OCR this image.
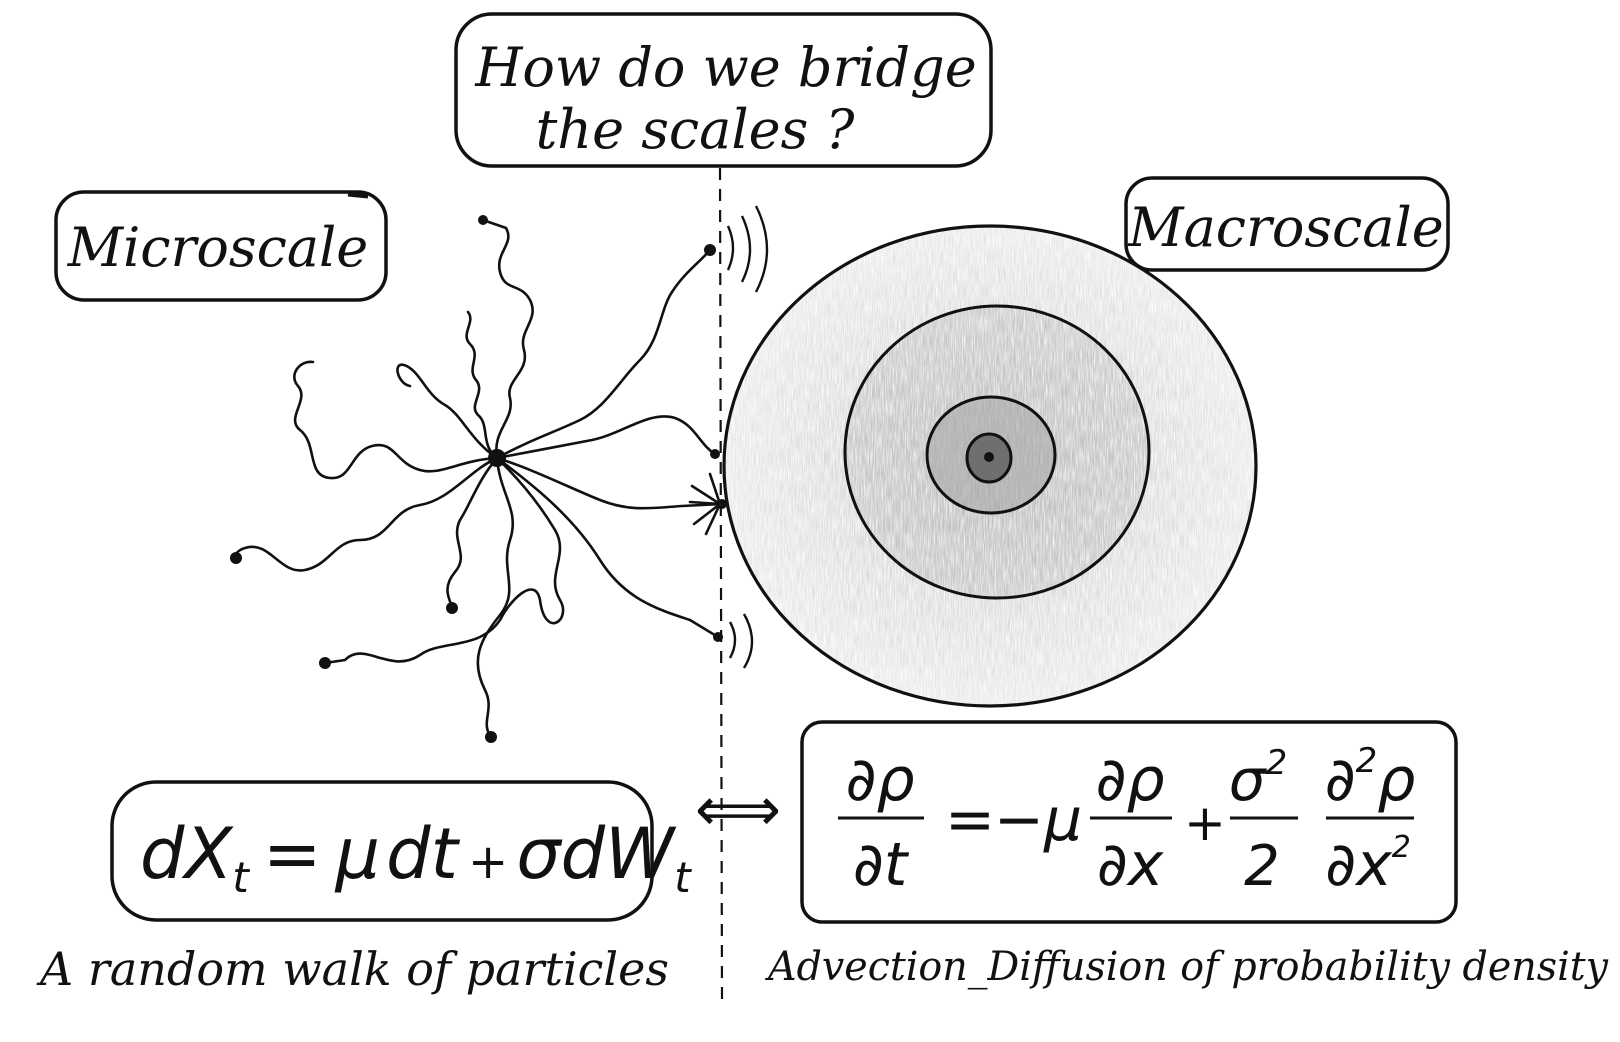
How do we bridge
the scales ?
Microscale	Macroscale
$dX_t = \mu dt + \sigma dW_t$
⟺ ∂ρ
∂t
=
−μ
∂ρ
∂x
+
$\sigma^2$
2
∂$^2$ρ
$\partial x^2$
A random walk of particles Advection_Diffusion of probability density
